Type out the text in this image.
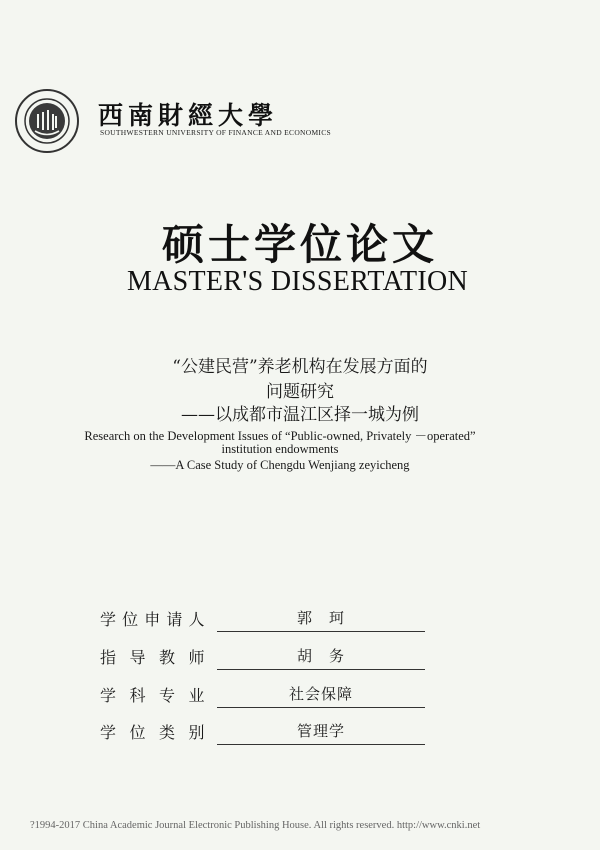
西南財經大學
SOUTHWESTERN UNIVERSITY OF FINANCE AND ECONOMICS
硕士学位论文
MASTER'S DISSERTATION
“公建民营”养老机构在发展方面的
问题研究
——以成都市温江区择一城为例
Research on the Development Issues of “Public-owned, Privately －operated”
institution endowments
——A Case Study of Chengdu Wenjiang zeyicheng
学位申请人	郭　珂
指导教师	胡　务
学科专业	社会保障
学位类别	管理学
?1994-2017 China Academic Journal Electronic Publishing House. All rights reserved. http://www.cnki.net
